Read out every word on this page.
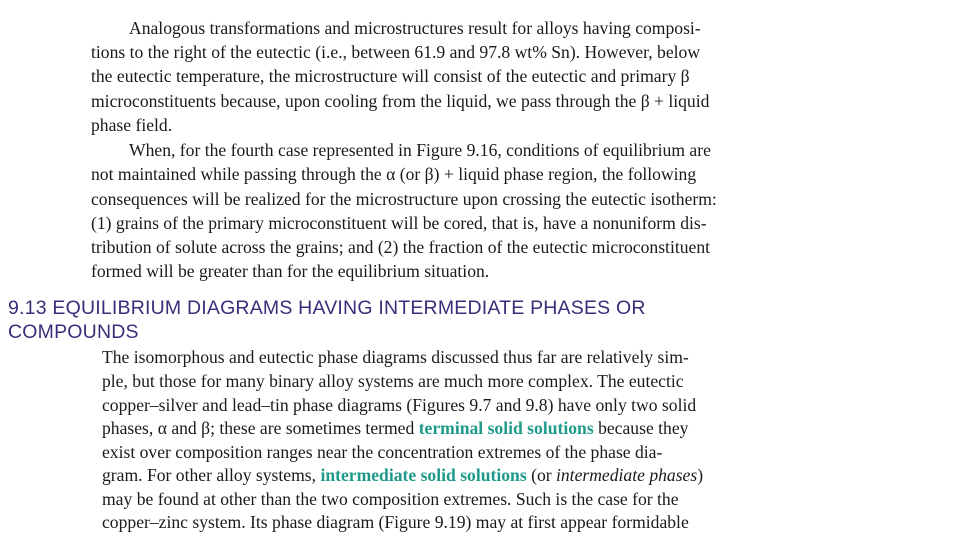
Analogous transformations and microstructures result for alloys having composi-
tions to the right of the eutectic (i.e., between 61.9 and 97.8 wt% Sn). However, below
the eutectic temperature, the microstructure will consist of the eutectic and primary β
microconstituents because, upon cooling from the liquid, we pass through the β + liquid
phase field.
When, for the fourth case represented in Figure 9.16, conditions of equilibrium are
not maintained while passing through the α (or β) + liquid phase region, the following
consequences will be realized for the microstructure upon crossing the eutectic isotherm:
(1) grains of the primary microconstituent will be cored, that is, have a nonuniform dis-
tribution of solute across the grains; and (2) the fraction of the eutectic microconstituent
formed will be greater than for the equilibrium situation.
9.13 EQUILIBRIUM DIAGRAMS HAVING INTERMEDIATE PHASES OR
COMPOUNDS
The isomorphous and eutectic phase diagrams discussed thus far are relatively sim-
ple, but those for many binary alloy systems are much more complex. The eutectic
copper–silver and lead–tin phase diagrams (Figures 9.7 and 9.8) have only two solid
phases, α and β; these are sometimes termed terminal solid solutions because they
exist over composition ranges near the concentration extremes of the phase dia-
gram. For other alloy systems, intermediate solid solutions (or intermediate phases)
may be found at other than the two composition extremes. Such is the case for the
copper–zinc system. Its phase diagram (Figure 9.19) may at first appear formidable
